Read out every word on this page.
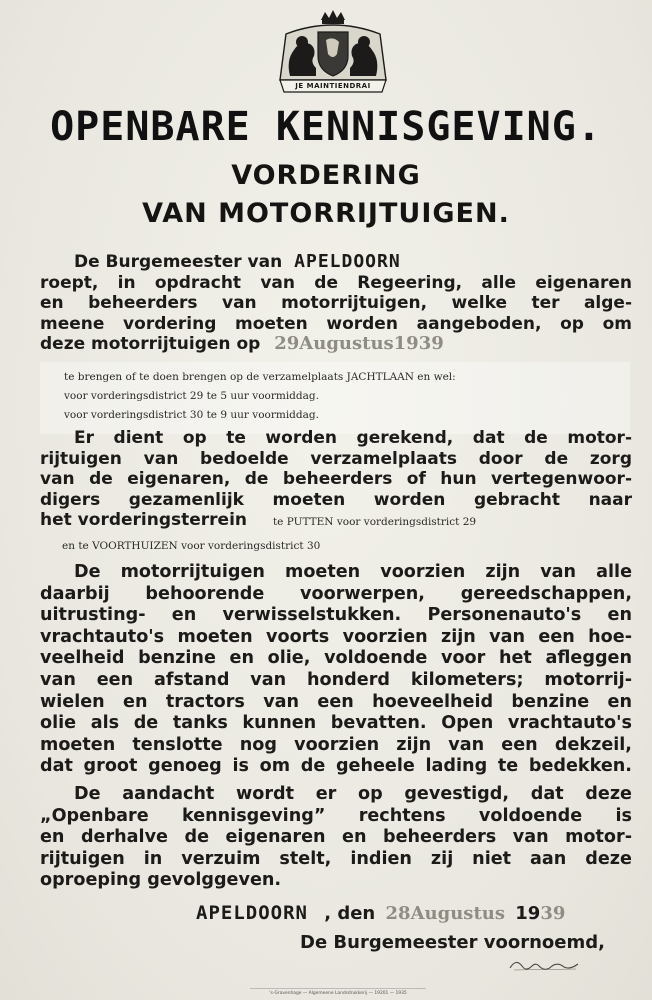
JE MAINTIENDRAI
OPENBARE KENNISGEVING.
VORDERING
VAN MOTORRIJTUIGEN.
De Burgemeester van APELDOORN
roept, in opdracht van de Regeering, alle eigenaren
en beheerders van motorrijtuigen, welke ter alge-
meene vordering moeten worden aangeboden, op om
deze motorrijtuigen op 29Augustus1939
te brengen of te doen brengen op de verzamelplaats JACHTLAAN en wel:
voor vorderingsdistrict 29 te 5 uur voormiddag.
voor vorderingsdistrict 30 te 9 uur voormiddag.
Er dient op te worden gerekend, dat de motor-
rijtuigen van bedoelde verzamelplaats door de zorg
van de eigenaren, de beheerders of hun vertegenwoor-
digers gezamenlijk moeten worden gebracht naar
het vorderingsterrein te PUTTEN voor vorderingsdistrict 29
en te VOORTHUIZEN voor vorderingsdistrict 30
De motorrijtuigen moeten voorzien zijn van alle
daarbij behoorende voorwerpen, gereedschappen,
uitrusting- en verwisselstukken. Personenauto's en
vrachtauto's moeten voorts voorzien zijn van een hoe-
veelheid benzine en olie, voldoende voor het afleggen
van een afstand van honderd kilometers; motorrij-
wielen en tractors van een hoeveelheid benzine en
olie als de tanks kunnen bevatten. Open vrachtauto's
moeten tenslotte nog voorzien zijn van een dekzeil,
dat groot genoeg is om de geheele lading te bedekken.
De aandacht wordt er op gevestigd, dat deze
„Openbare kennisgeving” rechtens voldoende is
en derhalve de eigenaren en beheerders van motor-
rijtuigen in verzuim stelt, indien zij niet aan deze
oproeping gevolggeven.
APELDOORN , den 28Augustus 1939
De Burgemeester voornoemd,
's-Gravenhage — Algemeene Landsdrukkerij — 19201 — 1935
